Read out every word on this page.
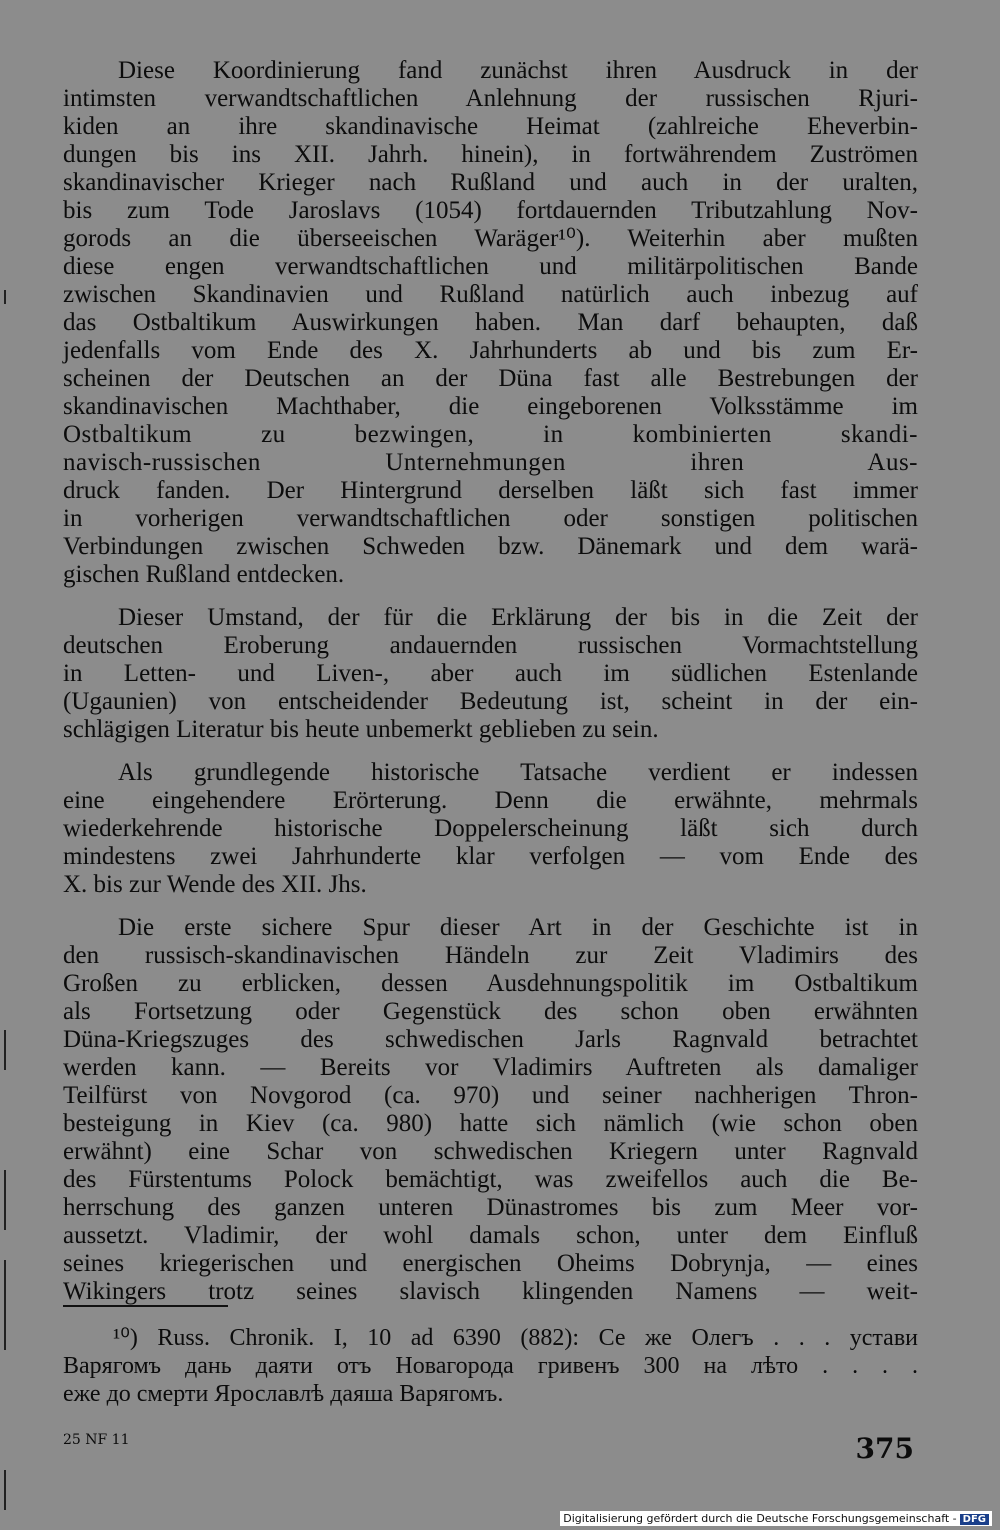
Diese Koordinierung fand zunächst ihren Ausdruck in der
intimsten verwandtschaftlichen Anlehnung der russischen Rjuri-
kiden an ihre skandinavische Heimat (zahlreiche Eheverbin-
dungen bis ins XII. Jahrh. hinein), in fortwährendem Zuströmen
skandinavischer Krieger nach Rußland und auch in der uralten,
bis zum Tode Jaroslavs (1054) fortdauernden Tributzahlung Nov-
gorods an die überseeischen Waräger¹⁰). Weiterhin aber mußten
diese engen verwandtschaftlichen und militärpolitischen Bande
zwischen Skandinavien und Rußland natürlich auch inbezug auf
das Ostbaltikum Auswirkungen haben. Man darf behaupten, daß
jedenfalls vom Ende des X. Jahrhunderts ab und bis zum Er-
scheinen der Deutschen an der Düna fast alle Bestrebungen der
skandinavischen Machthaber, die eingeborenen Volksstämme im
Ostbaltikum zu bezwingen, in kombinierten skandi-
navisch-russischen Unternehmungen ihren Aus-
druck fanden. Der Hintergrund derselben läßt sich fast immer
in vorherigen verwandtschaftlichen oder sonstigen politischen
Verbindungen zwischen Schweden bzw. Dänemark und dem warä-
gischen Rußland entdecken.
Dieser Umstand, der für die Erklärung der bis in die Zeit der
deutschen Eroberung andauernden russischen Vormachtstellung
in Letten- und Liven-, aber auch im südlichen Estenlande
(Ugaunien) von entscheidender Bedeutung ist, scheint in der ein-
schlägigen Literatur bis heute unbemerkt geblieben zu sein.
Als grundlegende historische Tatsache verdient er indessen
eine eingehendere Erörterung. Denn die erwähnte, mehrmals
wiederkehrende historische Doppelerscheinung läßt sich durch
mindestens zwei Jahrhunderte klar verfolgen — vom Ende des
X. bis zur Wende des XII. Jhs.
Die erste sichere Spur dieser Art in der Geschichte ist in
den russisch-skandinavischen Händeln zur Zeit Vladimirs des
Großen zu erblicken, dessen Ausdehnungspolitik im Ostbaltikum
als Fortsetzung oder Gegenstück des schon oben erwähnten
Düna-Kriegszuges des schwedischen Jarls Ragnvald betrachtet
werden kann. — Bereits vor Vladimirs Auftreten als damaliger
Teilfürst von Novgorod (ca. 970) und seiner nachherigen Thron-
besteigung in Kiev (ca. 980) hatte sich nämlich (wie schon oben
erwähnt) eine Schar von schwedischen Kriegern unter Ragnvald
des Fürstentums Polock bemächtigt, was zweifellos auch die Be-
herrschung des ganzen unteren Dünastromes bis zum Meer vor-
aussetzt. Vladimir, der wohl damals schon, unter dem Einfluß
seines kriegerischen und energischen Oheims Dobrynja, — eines
Wikingers trotz seines slavisch klingenden Namens — weit-
¹⁰) Russ. Chronik. I, 10 ad 6390 (882): Се же Олегъ . . . устави
Варягомъ дань даяти отъ Новагорода гривенъ 300 на лѣто . . . .
еже до смерти Ярославлѣ даяша Варягомъ.
25 NF 11	375
Digitalisierung gefördert durch die Deutsche Forschungsgemeinschaft - DFG
